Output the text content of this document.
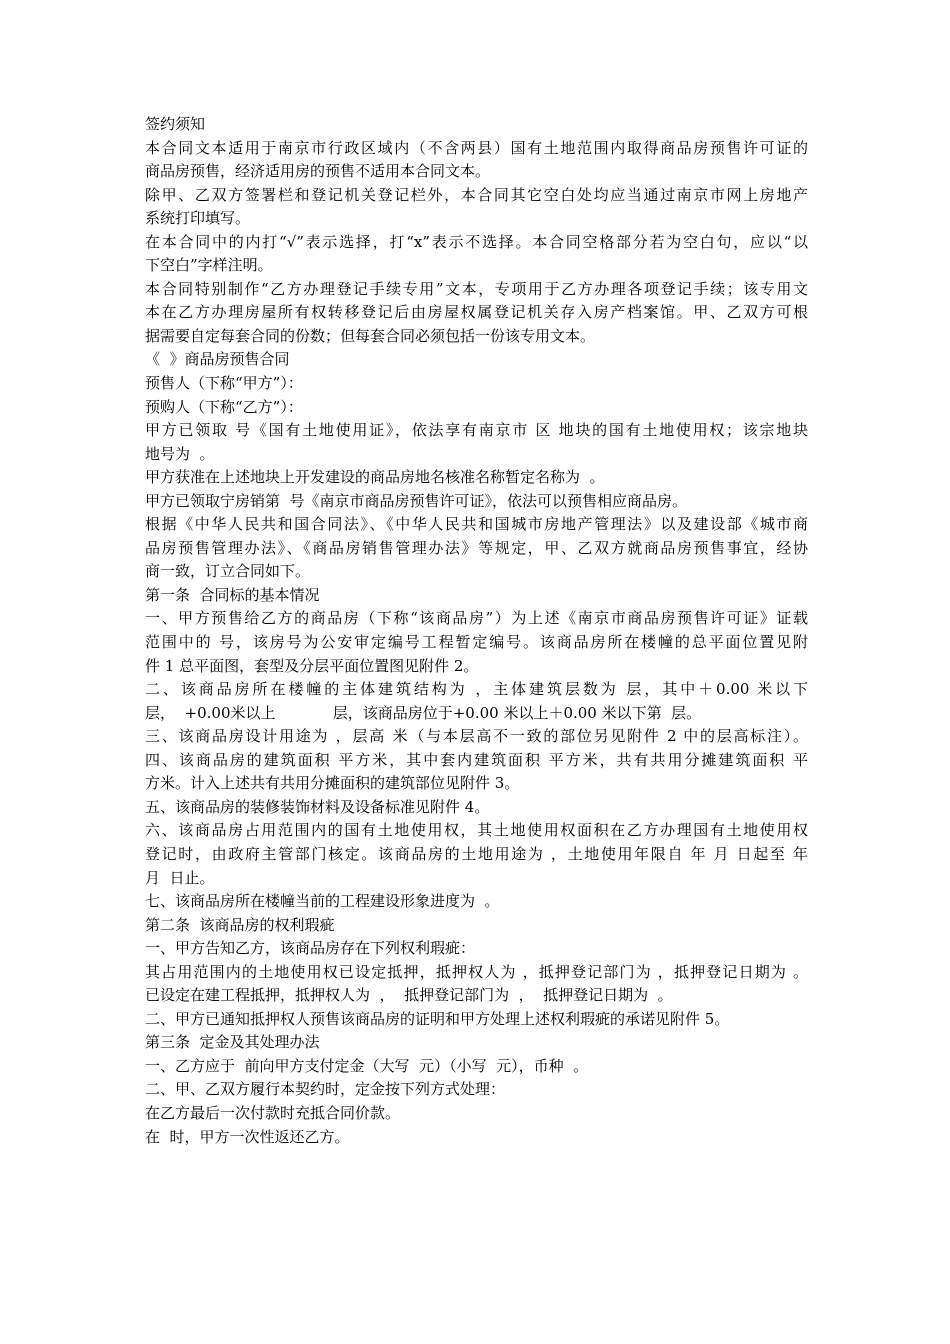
签约须知
本合同文本适用于南京市行政区域内（不含两县）国有土地范围内取得商品房预售许可证的
商品房预售，经济适用房的预售不适用本合同文本。
除甲、乙双方签署栏和登记机关登记栏外，本合同其它空白处均应当通过南京市网上房地产
系统打印填写。
在本合同中的内打“√”表示选择，打“x”表示不选择。本合同空格部分若为空白句，应以“以
下空白”字样注明。
本合同特别制作“乙方办理登记手续专用”文本，专项用于乙方办理各项登记手续；该专用文
本在乙方办理房屋所有权转移登记后由房屋权属登记机关存入房产档案馆。甲、乙双方可根
据需要自定每套合同的份数；但每套合同必须包括一份该专用文本。
《  》商品房预售合同
预售人（下称“甲方”）：
预购人（下称“乙方”）：
甲方已领取 号《国有土地使用证》，依法享有南京市 区 地块的国有土地使用权；该宗地块
地号为  。
甲方获准在上述地块上开发建设的商品房地名核准名称暂定名称为  。
甲方已领取宁房销第  号《南京市商品房预售许可证》，依法可以预售相应商品房。
根据《中华人民共和国合同法》、《中华人民共和国城市房地产管理法》以及建设部《城市商
品房预售管理办法》、《商品房销售管理办法》等规定，甲、乙双方就商品房预售事宜，经协
商一致，订立合同如下。
第一条  合同标的基本情况
一、甲方预售给乙方的商品房（下称“该商品房”）为上述《南京市商品房预售许可证》证载
范围中的 号，该房号为公安审定编号工程暂定编号。该商品房所在楼幢的总平面位置见附
件 1 总平面图，套型及分层平面位置图见附件 2。
二、该商品房所在楼幢的主体建筑结构为 ，主体建筑层数为 层，其中＋0.00 米以下
层，  +0.00米以上            层，该商品房位于+0.00 米以上＋0.00 米以下第  层。
三、该商品房设计用途为 ，层高 米（与本层高不一致的部位另见附件 2 中的层高标注）。
四、该商品房的建筑面积 平方米，其中套内建筑面积 平方米，共有共用分摊建筑面积 平
方米。计入上述共有共用分摊面积的建筑部位见附件 3。
五、该商品房的装修装饰材料及设备标准见附件 4。
六、该商品房占用范围内的国有土地使用权，其土地使用权面积在乙方办理国有土地使用权
登记时，由政府主管部门核定。该商品房的土地用途为 ，土地使用年限自 年 月 日起至 年
月  日止。
七、该商品房所在楼幢当前的工程建设形象进度为  。
第二条  该商品房的权利瑕疵
一、甲方告知乙方，该商品房存在下列权利瑕疵：
其占用范围内的土地使用权已设定抵押，抵押权人为 ，抵押登记部门为 ，抵押登记日期为 。
已设定在建工程抵押，抵押权人为  ，  抵押登记部门为  ，  抵押登记日期为  。
二、甲方已通知抵押权人预售该商品房的证明和甲方处理上述权利瑕疵的承诺见附件 5。
第三条  定金及其处理办法
一、乙方应于  前向甲方支付定金（大写  元）（小写  元），币种  。
二、甲、乙双方履行本契约时，定金按下列方式处理：
在乙方最后一次付款时充抵合同价款。
在  时，甲方一次性返还乙方。
